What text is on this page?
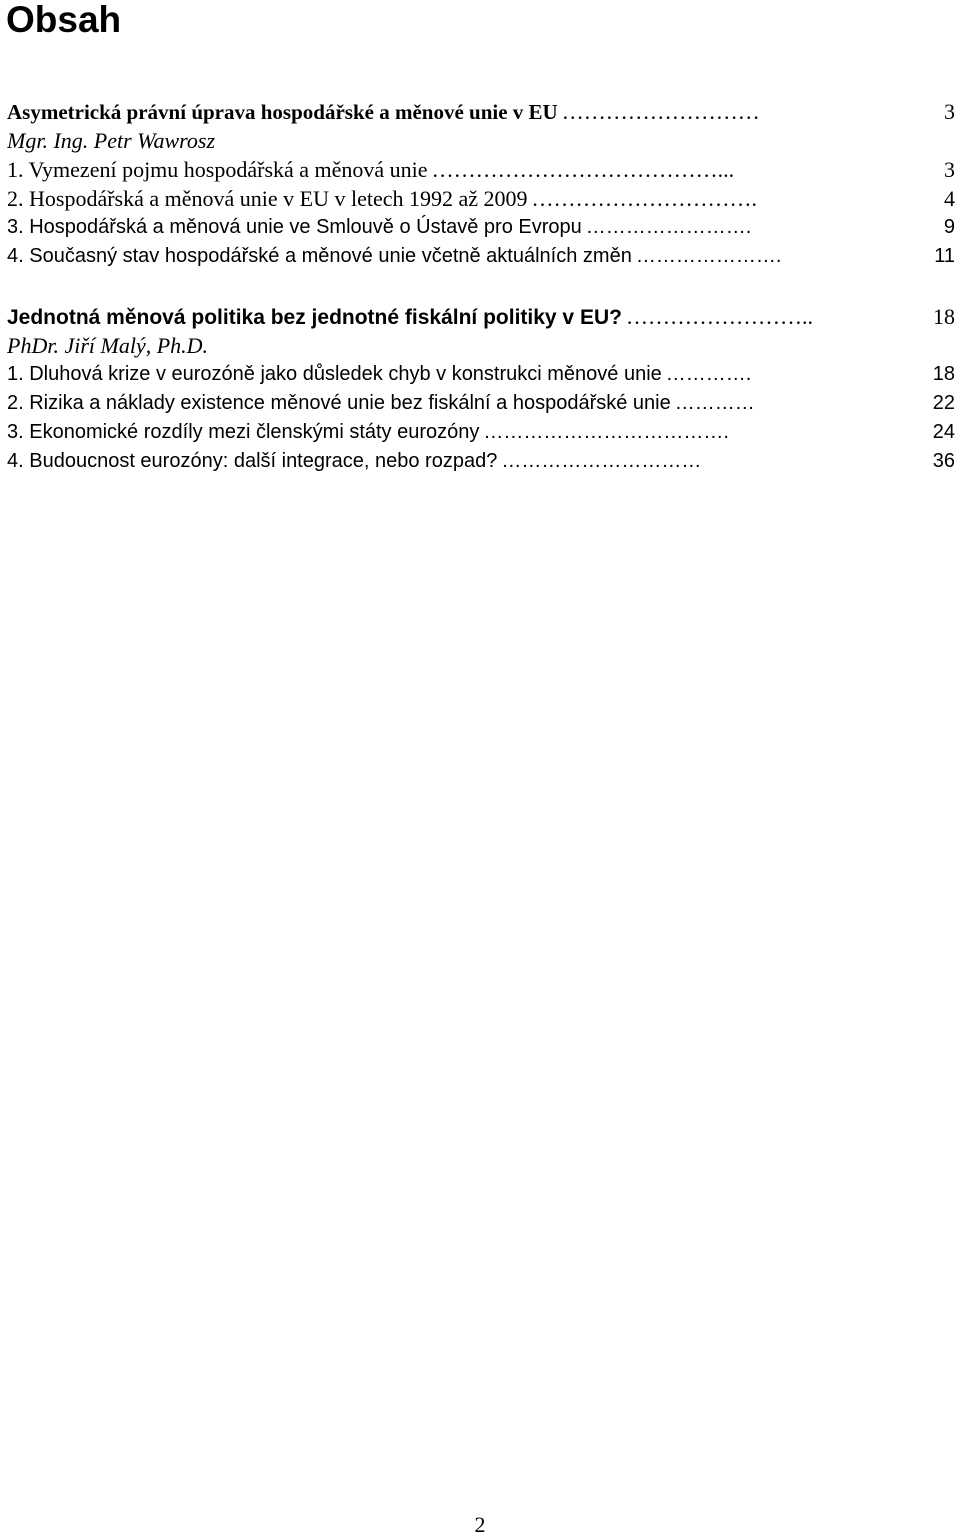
Obsah
Asymetrická právní úprava hospodářské a měnové unie v EU ………………………	3
Mgr. Ing. Petr Wawrosz
1. Vymezení pojmu hospodářská a měnová unie …………………………………...	3
2. Hospodářská a měnová unie v EU v letech 1992 až 2009 ………………………….	4
3. Hospodářská a měnová unie ve Smlouvě o Ústavě pro Evropu …………………….	9
4. Současný stav hospodářské a měnové unie včetně aktuálních změn ………………….	11
Jednotná měnová politika bez jednotné fiskální politiky v EU? ……………………..	18
PhDr. Jiří Malý, Ph.D.
1. Dluhová krize v eurozóně jako důsledek chyb v konstrukci měnové unie ………….	18
2. Rizika a náklady existence měnové unie bez fiskální a hospodářské unie …………	22
3. Ekonomické rozdíly mezi členskými státy eurozóny ……………………………….	24
4. Budoucnost eurozóny: další integrace, nebo rozpad? …………………………	36
2
